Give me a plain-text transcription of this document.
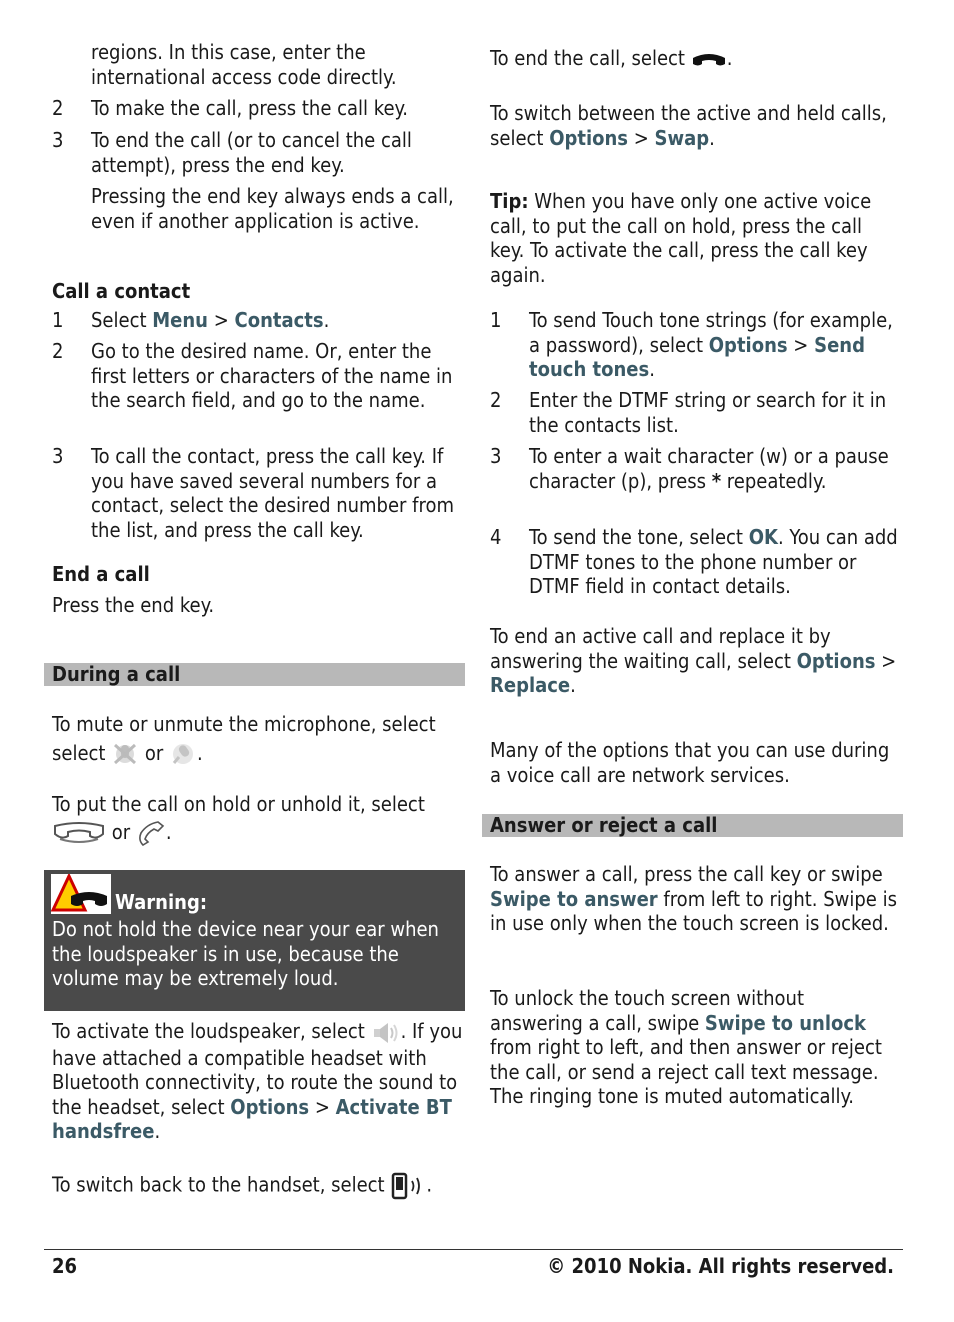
regions. In this case, enter the international access code directly.

2	To make the call, press the call key.

3	To end the call (or to cancel the call attempt), press the end key.

Pressing the end key always ends a call, even if another application is active.

Call a contact

1	Select Menu > Contacts.

2	Go to the desired name. Or, enter the first letters or characters of the name in the search field, and go to the name.

3	To call the contact, press the call key. If you have saved several numbers for a contact, select the desired number from the list, and press the call key.

End a call

Press the end key.

During a call

To mute or unmute the microphone, select
select  or .

To put the call on hold or unhold it, select
or .

Warning:

Do not hold the device near your ear when the loudspeaker is in use, because the volume may be extremely loud.

To activate the loudspeaker, select . If you have attached a compatible headset with Bluetooth connectivity, to route the sound to the headset, select Options > Activate BT handsfree.

To switch back to the handset, select .

To end the call, select .

To switch between the active and held calls, select Options > Swap.

Tip: When you have only one active voice call, to put the call on hold, press the call key. To activate the call, press the call key again.

1	To send Touch tone strings (for example, a password), select Options > Send touch tones.

2	Enter the DTMF string or search for it in the contacts list.

3	To enter a wait character (w) or a pause character (p), press * repeatedly.

4	To send the tone, select OK. You can add DTMF tones to the phone number or DTMF field in contact details.

To end an active call and replace it by answering the waiting call, select Options > Replace.

Many of the options that you can use during a voice call are network services.

Answer or reject a call

To answer a call, press the call key or swipe Swipe to answer from left to right. Swipe is in use only when the touch screen is locked.

To unlock the touch screen without answering a call, swipe Swipe to unlock from right to left, and then answer or reject the call, or send a reject call text message. The ringing tone is muted automatically.

26	© 2010 Nokia. All rights reserved.
